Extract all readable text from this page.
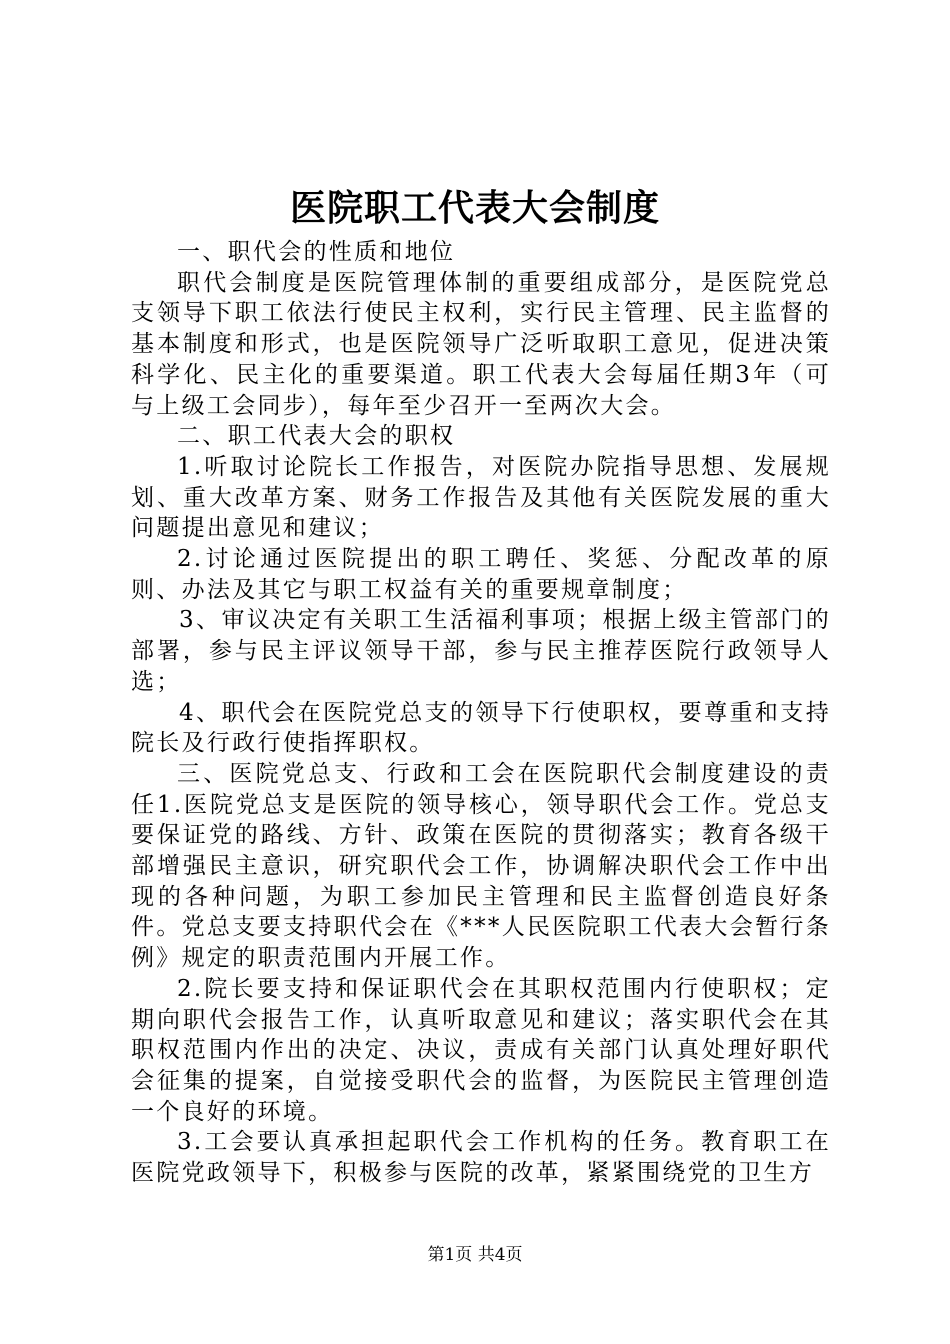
医院职工代表大会制度

一、职代会的性质和地位

职代会制度是医院管理体制的重要组成部分，是医院党总支领导下职工依法行使民主权利，实行民主管理、民主监督的基本制度和形式，也是医院领导广泛听取职工意见，促进决策科学化、民主化的重要渠道。职工代表大会每届任期3年（可与上级工会同步），每年至少召开一至两次大会。

二、职工代表大会的职权

1.听取讨论院长工作报告，对医院办院指导思想、发展规划、重大改革方案、财务工作报告及其他有关医院发展的重大问题提出意见和建议；

2.讨论通过医院提出的职工聘任、奖惩、分配改革的原则、办法及其它与职工权益有关的重要规章制度；

3、审议决定有关职工生活福利事项；根据上级主管部门的部署，参与民主评议领导干部，参与民主推荐医院行政领导人选；

4、职代会在医院党总支的领导下行使职权，要尊重和支持院长及行政行使指挥职权。

三、医院党总支、行政和工会在医院职代会制度建设的责任1.医院党总支是医院的领导核心，领导职代会工作。党总支要保证党的路线、方针、政策在医院的贯彻落实；教育各级干部增强民主意识，研究职代会工作，协调解决职代会工作中出现的各种问题，为职工参加民主管理和民主监督创造良好条件。党总支要支持职代会在《***人民医院职工代表大会暂行条例》规定的职责范围内开展工作。

2.院长要支持和保证职代会在其职权范围内行使职权；定期向职代会报告工作，认真听取意见和建议；落实职代会在其职权范围内作出的决定、决议，责成有关部门认真处理好职代会征集的提案，自觉接受职代会的监督，为医院民主管理创造一个良好的环境。

3.工会要认真承担起职代会工作机构的任务。教育职工在医院党政领导下，积极参与医院的改革，紧紧围绕党的卫生方

第1页 共4页
